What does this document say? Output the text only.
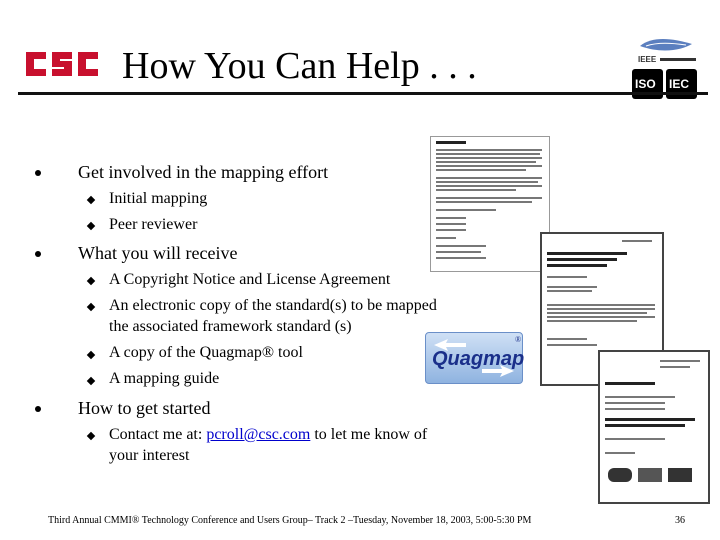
How You Can Help . . .	IEEE
ISO IEC
Get involved in the mapping effort
Initial mapping
Peer reviewer
What you will receive
A Copyright Notice and License Agreement
An electronic copy of the standard(s) to be mapped
the associated framework standard (s)
A copy of the Quagmap® tool
A mapping guide
How to get started
Contact me at: pcroll@csc.com to let me know of
your interest
Quagmap
®
Third Annual CMMI® Technology Conference and Users Group– Track 2 –Tuesday, November 18, 2003, 5:00-5:30 PM	36
